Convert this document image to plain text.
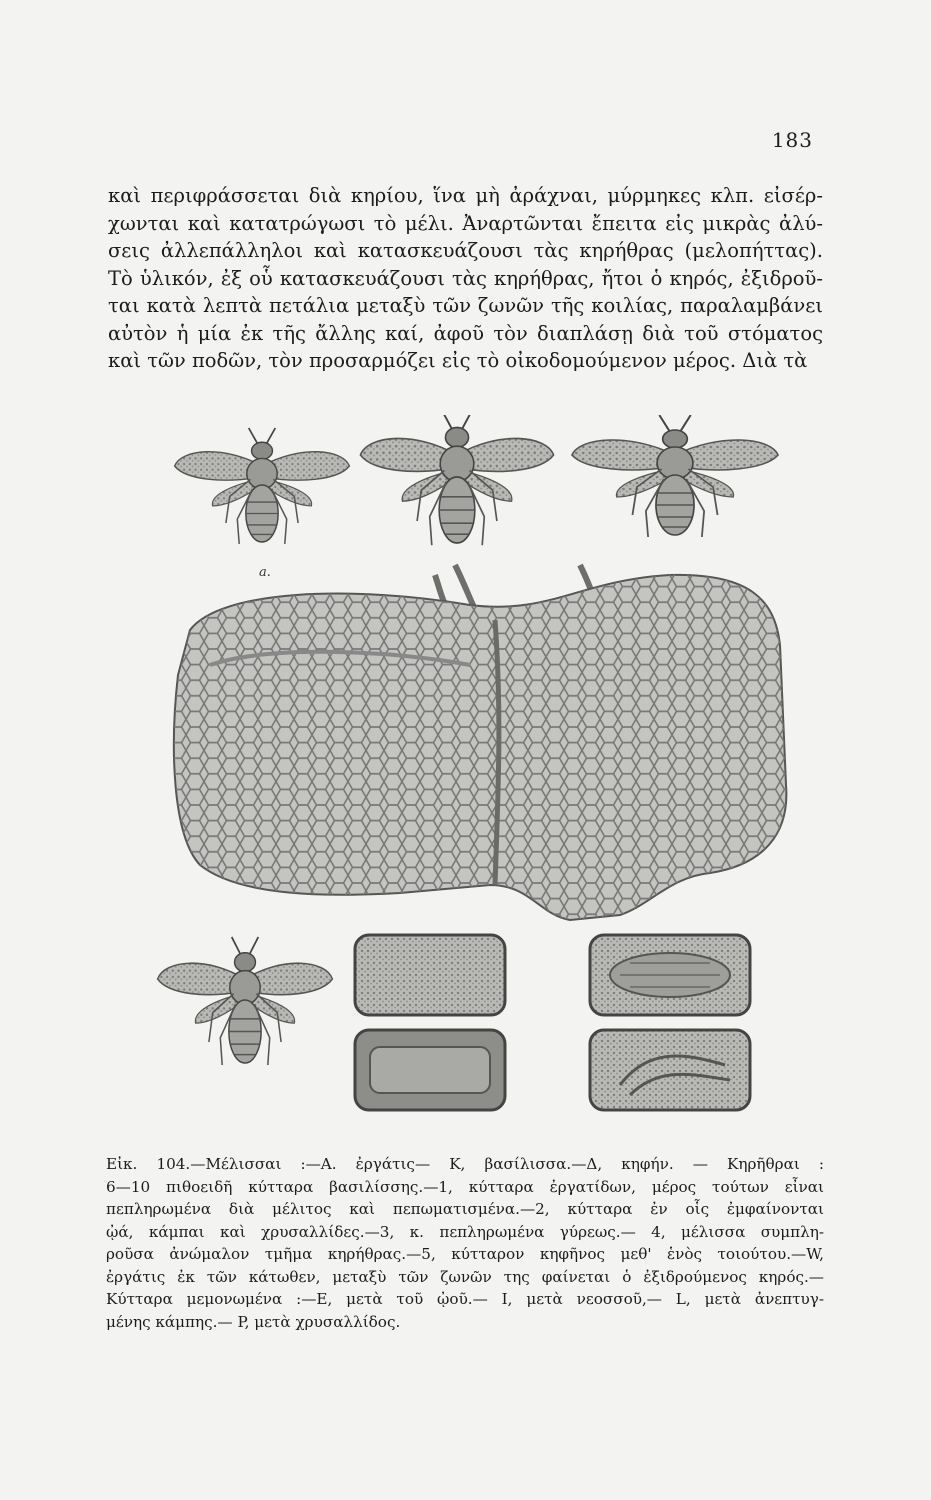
183
καὶ περιφράσσεται διὰ κηρίου, ἵνα μὴ ἀράχναι, μύρμηκες κλπ. εἰσέρ-
χωνται καὶ κατατρώγωσι τὸ μέλι. Ἀναρτῶνται ἔπειτα εἰς μικρὰς ἀλύ-
σεις ἀλλεπάλληλοι καὶ κατασκευάζουσι τὰς κηρήθρας (μελοπήττας).
Τὸ ὑλικόν, ἐξ οὗ κατασκευάζουσι τὰς κηρήθρας, ἤτοι ὁ κηρός, ἐξιδροῦ-
ται κατὰ λεπτὰ πετάλια μεταξὺ τῶν ζωνῶν τῆς κοιλίας, παραλαμβάνει
αὐτὸν ἡ μία ἐκ τῆς ἄλλης καί, ἀφοῦ τὸν διαπλάσῃ διὰ τοῦ στόματος
καὶ τῶν ποδῶν, τὸν προσαρμόζει εἰς τὸ οἰκοδομούμενον μέρος. Διὰ τὰ
a.
Εἰκ. 104.—Μέλισσαι :—A. ἐργάτις— K, βασίλισσα.—Δ, κηφήν. — Κηρῆθραι :
6—10 πιθοειδῆ κύτταρα βασιλίσσης.—1, κύτταρα ἐργατίδων, μέρος τούτων εἶναι
πεπληρωμένα διὰ μέλιτος καὶ πεπωματισμένα.—2, κύτταρα ἐν οἷς ἐμφαίνονται
ᾠά, κάμπαι καὶ χρυσαλλίδες.—3, κ. πεπληρωμένα γύρεως.— 4, μέλισσα συμπλη-
ροῦσα ἀνώμαλον τμῆμα κηρήθρας.—5, κύτταρον κηφῆνος μεθ' ἑνὸς τοιούτου.—W,
ἐργάτις ἐκ τῶν κάτωθεν, μεταξὺ τῶν ζωνῶν της φαίνεται ὁ ἐξιδρούμενος κηρός.—
Κύτταρα μεμονωμένα :—E, μετὰ τοῦ ᾠοῦ.— I, μετὰ νεοσσοῦ,— L, μετὰ ἀνεπτυγ-
μένης κάμπης.— P, μετὰ χρυσαλλίδος.
